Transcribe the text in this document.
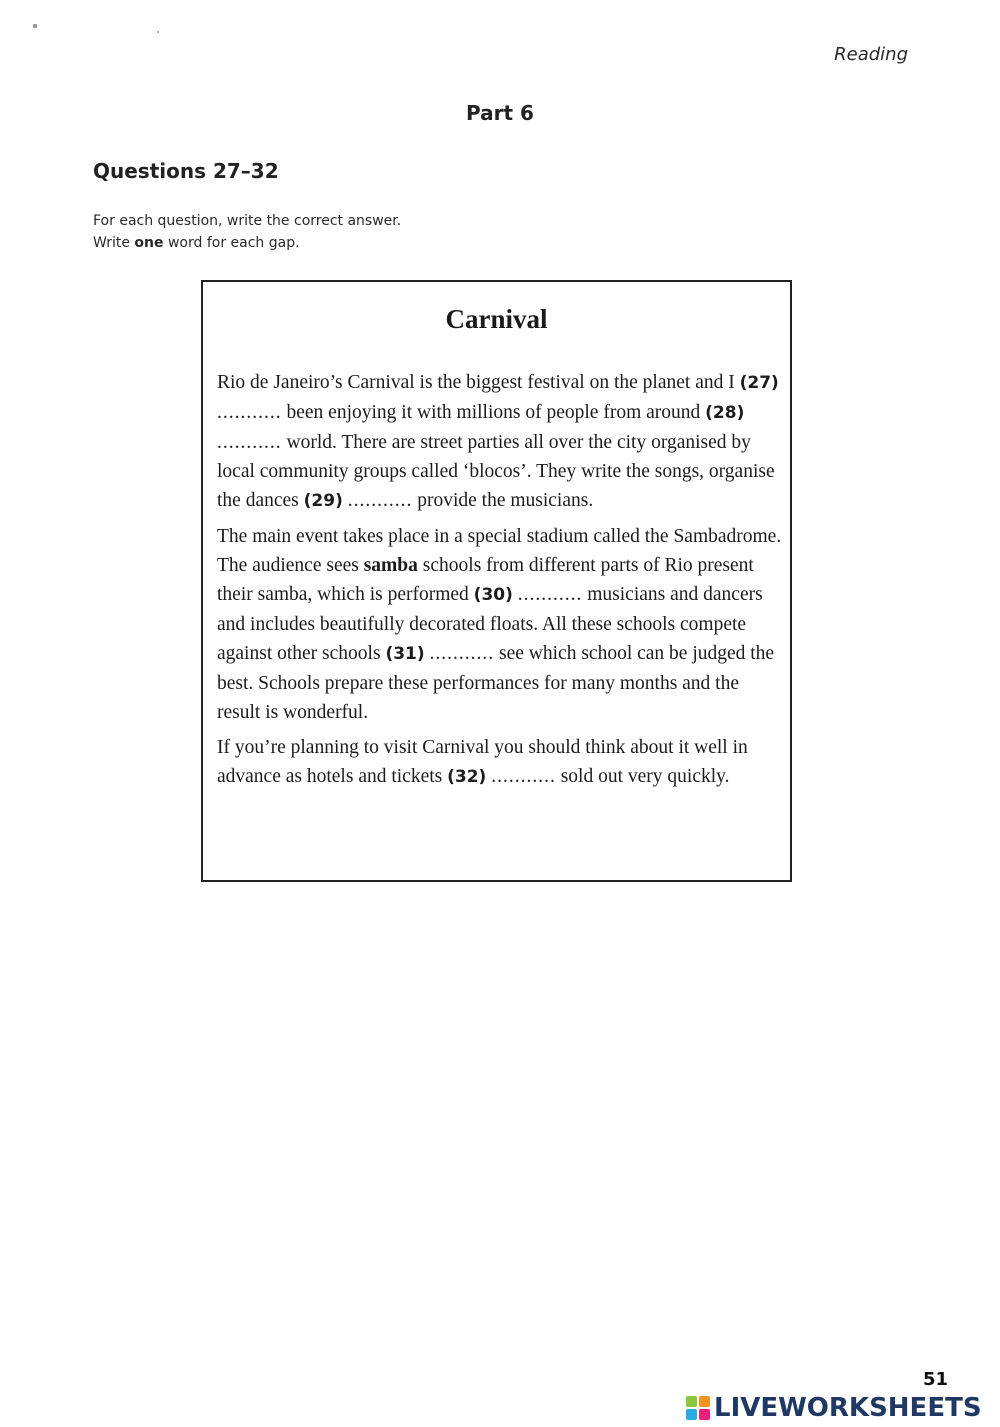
Reading
Part 6
Questions 27–32

For each question, write the correct answer.

Write one word for each gap.

Carnival

Rio de Janeiro’s Carnival is the biggest festival on the planet and I (27) ........... been enjoying it with millions of people from around (28) ........... world. There are street parties all over the city organised by local community groups called ‘blocos’. They write the songs, organise the dances (29) ........... provide the musicians.

The main event takes place in a special stadium called the Sambadrome. The audience sees samba schools from different parts of Rio present their samba, which is performed (30) ........... musicians and dancers and includes beautifully decorated floats. All these schools compete against other schools (31) ........... see which school can be judged the best. Schools prepare these performances for many months and the result is wonderful.

If you’re planning to visit Carnival you should think about it well in advance as hotels and tickets (32) ........... sold out very quickly.

51
LIVEWORKSHEETS
